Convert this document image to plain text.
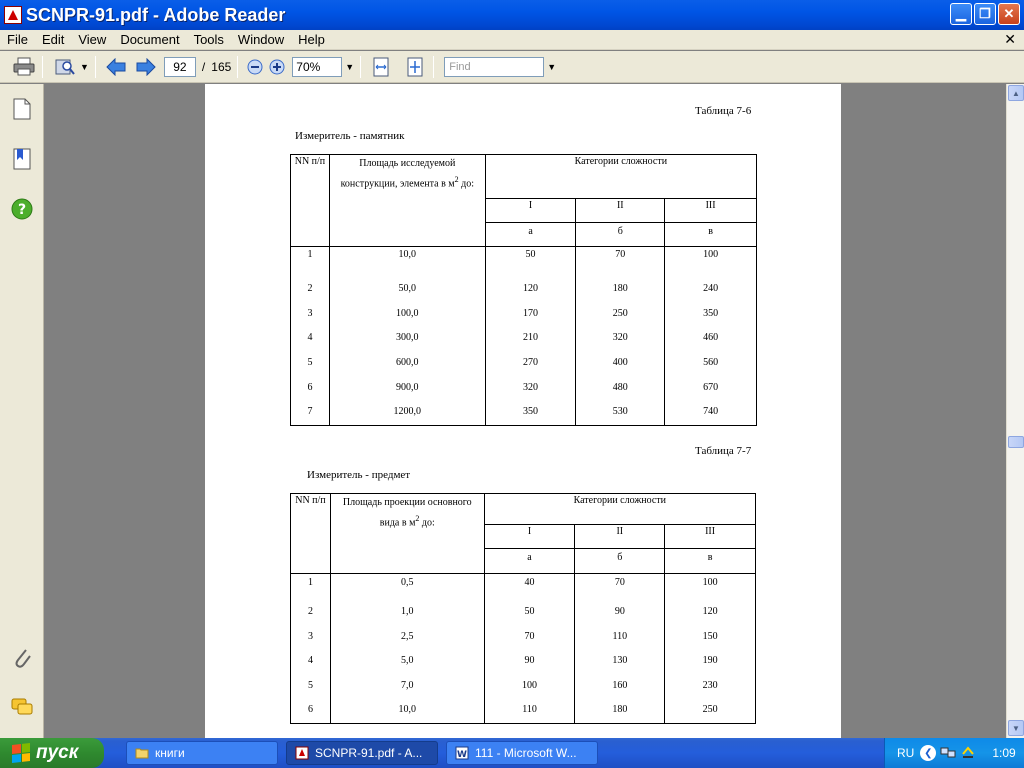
SCNPR-91.pdf - Adobe Reader	▁	❐ ✕
File	Edit	View	Document	Tools	Window	Help	✕
▼	92	/ 165	70%	▼	Find	▼
?
Таблица 7-6
Измеритель - памятник
NN п/п	Площадь исследуемой конструкции, элемента в $м^2$ до:	Категории сложности		
		I	II	III
		а	б	в
1	10,0	50	70	100
2	50,0	120	180	240
3	100,0	170	250	350
4	300,0	210	320	460
5	600,0	270	400	560
6	900,0	320	480	670
7	1200,0	350	530	740
Таблица 7-7
Измеритель - предмет
NN п/п	Площадь проекции основного вида в $м^2$ до:	Категории сложности		
		I	II	III
		а	б	в
1	0,5	40	70	100
2	1,0	50	90	120
3	2,5	70	110	150
4	5,0	90	130	190
5	7,0	100	160	230
6	10,0	110	180	250
▲
▼
пуск	книги	SCNPR-91.pdf - A...	W 111 - Microsoft W...	RU ❮	1:09
